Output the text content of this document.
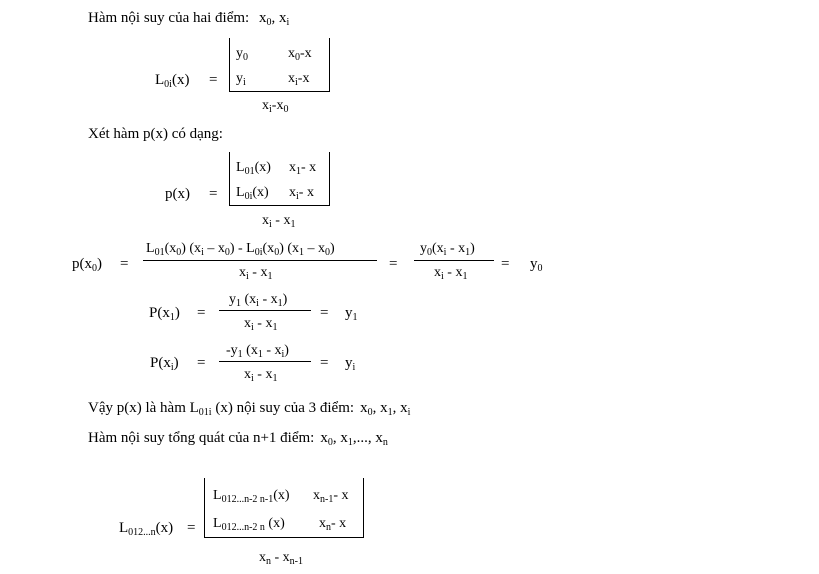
Hàm nội suy của hai điểm: $x_0$, $x_i$
$L_{0i}(x)$ =
$y_0$	$x_0-x$
$y_i$	$x_i-x$
$x_i-x_0$
Xét hàm p(x) có dạng:
p(x) =
$L_{01}(x)$ $x_1-$ x
$L_{0i}(x)$ $x_i-$ x
$x_i - x_1$
$p(x_0)$ =
$L_{01}(x_0)$ $(x_i - x_0) - L_{0i}(x_0)$ $(x_1 - x_0)$
$x_i - x_1$
=
$y_0(x_i - x_1)$
$x_i - x_1$
= $y_0$
$P(x_1)$ =
$y_1$ $(x_i - x_1)$
$x_i - x_1$
= $y_1$
$P(x_i)$ =
$-y_1$ $(x_1 - x_i)$
$x_i - x_1$
= $y_i$
Vậy p(x) là hàm $L_{01i}$ (x) nội suy của 3 điểm: $x_0$, $x_1$, $x_i$
Hàm nội suy tổng quát của n+1 điểm: $x_0$, $x_1$,..., $x_n$
$L_{012...n}(x)$ =
$L_{012...n-2 n-1}(x)$ $x_{n-1}-$ x
$L_{012...n-2 n}$ (x) $x_n-$ x
$x_n - x_{n-1}$
